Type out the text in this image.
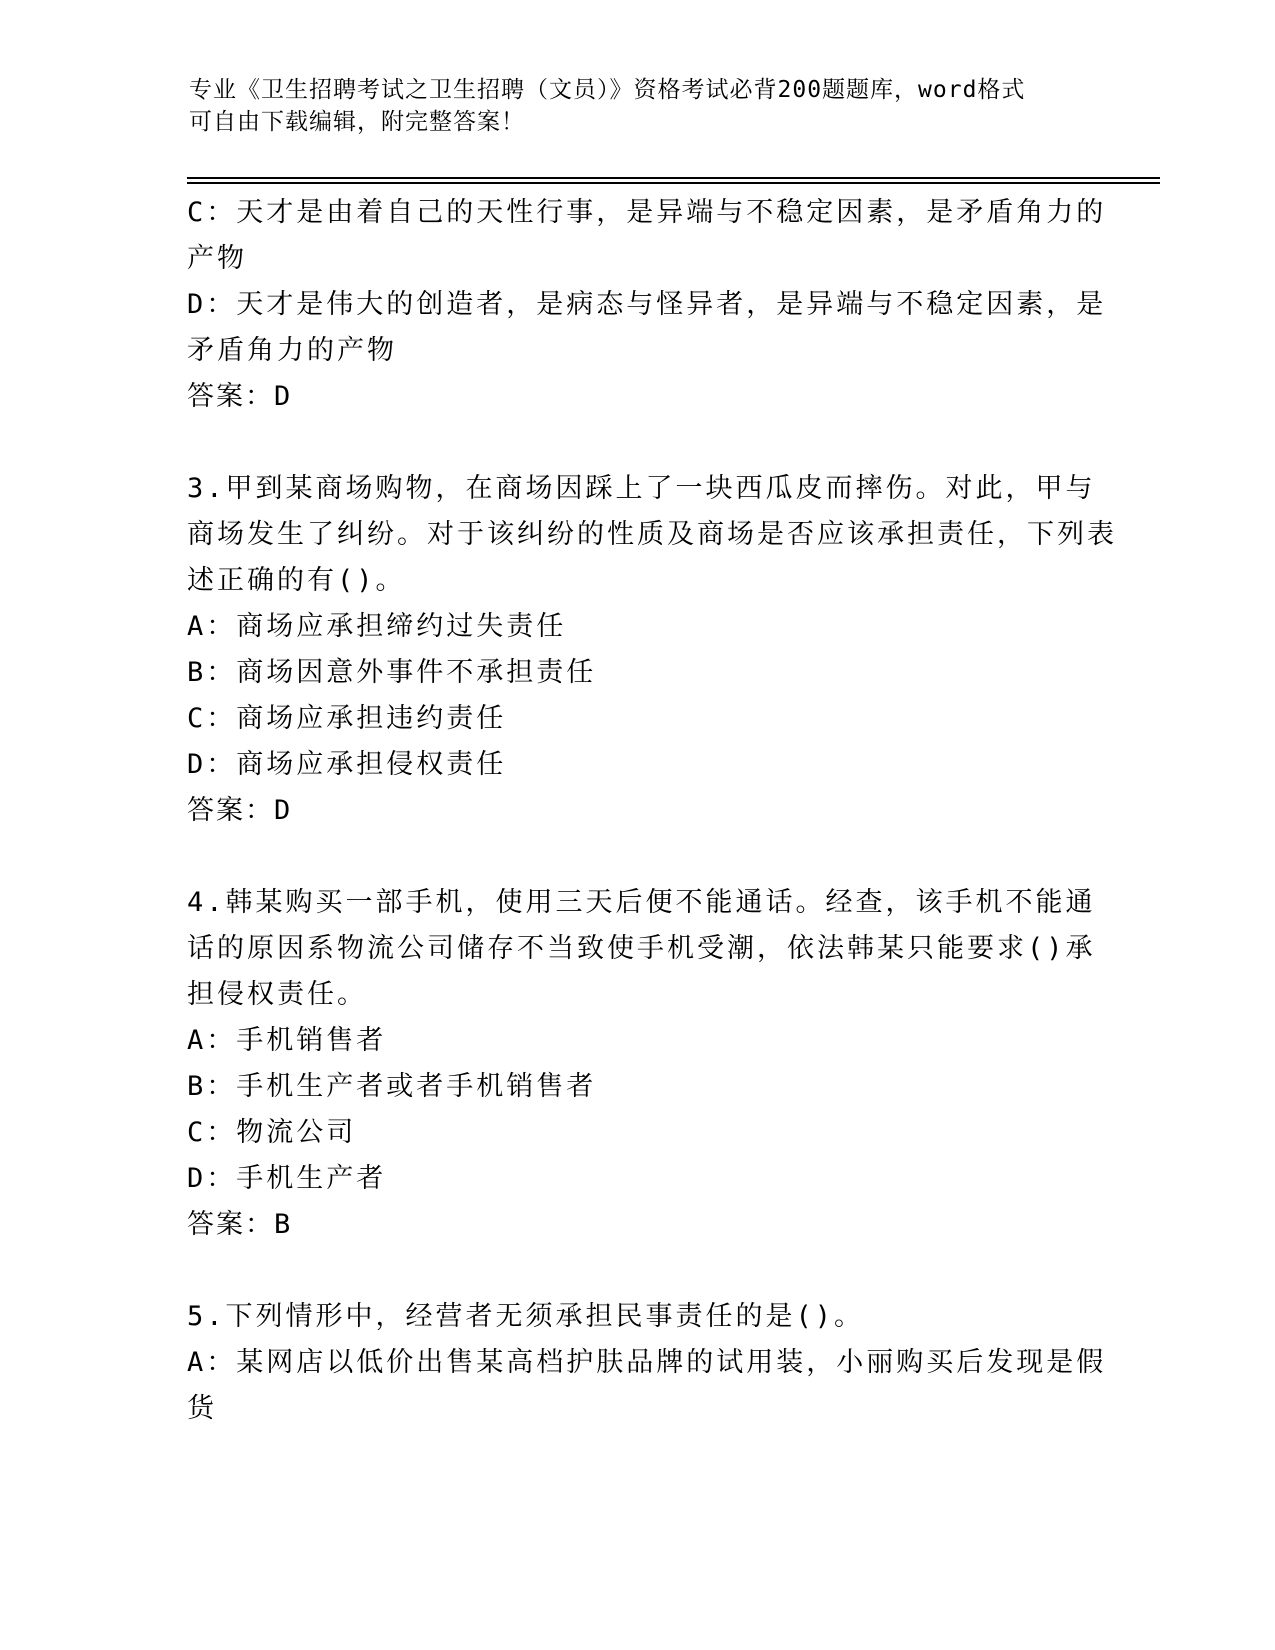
专业《卫生招聘考试之卫生招聘（文员）》资格考试必背200题题库，word格式
可自由下载编辑，附完整答案！

C：天才是由着自己的天性行事，是异端与不稳定因素，是矛盾角力的产物

D：天才是伟大的创造者，是病态与怪异者，是异端与不稳定因素，是矛盾角力的产物

答案：D

3.甲到某商场购物，在商场因踩上了一块西瓜皮而摔伤。对此，甲与商场发生了纠纷。对于该纠纷的性质及商场是否应该承担责任，下列表述正确的有()。

A：商场应承担缔约过失责任

B：商场因意外事件不承担责任

C：商场应承担违约责任

D：商场应承担侵权责任

答案：D

4.韩某购买一部手机，使用三天后便不能通话。经查，该手机不能通话的原因系物流公司储存不当致使手机受潮，依法韩某只能要求()承担侵权责任。

A：手机销售者

B：手机生产者或者手机销售者

C：物流公司

D：手机生产者

答案：B

5.下列情形中，经营者无须承担民事责任的是()。

A：某网店以低价出售某高档护肤品牌的试用装，小丽购买后发现是假货
